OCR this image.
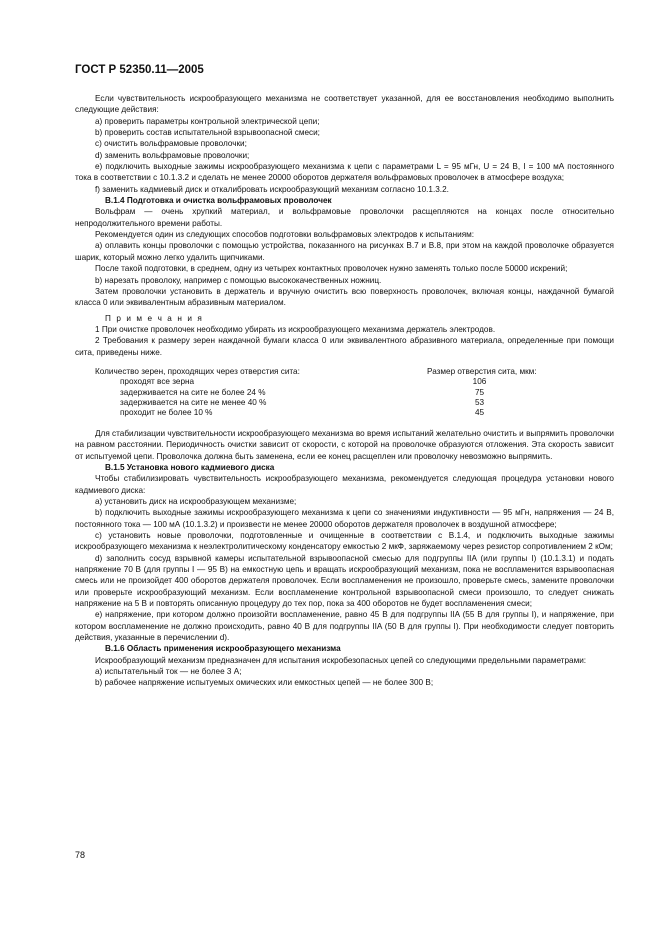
ГОСТ Р 52350.11—2005

Если чувствительность искрообразующего механизма не соответствует указанной, для ее восстановления необходимо выполнить следующие действия:

а) проверить параметры контрольной электрической цепи;

b) проверить состав испытательной взрывоопасной смеси;

с) очистить вольфрамовые проволочки;

d) заменить вольфрамовые проволочки;

e) подключить выходные зажимы искрообразующего механизма к цепи с параметрами L = 95 мГн, U = 24 В, I = 100 мА постоянного тока в соответствии с 10.1.3.2 и сделать не менее 20000 оборотов держателя вольфрамовых проволочек в атмосфере воздуха;

f) заменить кадмиевый диск и откалибровать искрообразующий механизм согласно 10.1.3.2.

В.1.4 Подготовка и очистка вольфрамовых проволочек

Вольфрам — очень хрупкий материал, и вольфрамовые проволочки расщепляются на концах после относительно непродолжительного времени работы.

Рекомендуется один из следующих способов подготовки вольфрамовых электродов к испытаниям:

а) оплавить концы проволочки с помощью устройства, показанного на рисунках В.7 и В.8, при этом на каждой проволочке образуется шарик, который можно легко удалить щипчиками.

После такой подготовки, в среднем, одну из четырех контактных проволочек нужно заменять только после 50000 искрений;

b) нарезать проволоку, например с помощью высококачественных ножниц.

Затем проволочки установить в держатель и вручную очистить всю поверхность проволочек, включая концы, наждачной бумагой класса 0 или эквивалентным абразивным материалом.

П р и м е ч а н и я

1 При очистке проволочек необходимо убирать из искрообразующего механизма держатель электродов.

2 Требования к размеру зерен наждачной бумаги класса 0 или эквивалентного абразивного материала, определенные при помощи сита, приведены ниже.

Количество зерен, проходящих через отверстия сита:	Размер отверстия сита, мкм:
проходят все зерна	106
задерживается на сите не более 24 %	75
задерживается на сите не менее 40 %	53
проходит не более 10 %	45

Для стабилизации чувствительности искрообразующего механизма во время испытаний желательно очистить и выпрямить проволочки на равном расстоянии. Периодичность очистки зависит от скорости, с которой на проволочке образуются отложения. Эта скорость зависит от испытуемой цепи. Проволочка должна быть заменена, если ее конец расщеплен или проволочку невозможно выпрямить.

В.1.5 Установка нового кадмиевого диска

Чтобы стабилизировать чувствительность искрообразующего механизма, рекомендуется следующая процедура установки нового кадмиевого диска:

а) установить диск на искрообразующем механизме;

b) подключить выходные зажимы искрообразующего механизма к цепи со значениями индуктивности — 95 мГн, напряжения — 24 В, постоянного тока — 100 мА (10.1.3.2) и произвести не менее 20000 оборотов держателя проволочек в воздушной атмосфере;

c) установить новые проволочки, подготовленные и очищенные в соответствии с В.1.4, и подключить выходные зажимы искрообразующего механизма к неэлектролитическому конденсатору емкостью 2 мкФ, заряжаемому через резистор сопротивлением 2 кОм;

d) заполнить сосуд взрывной камеры испытательной взрывоопасной смесью для подгруппы IIA (или группы I) (10.1.3.1) и подать напряжение 70 В (для группы I — 95 В) на емкостную цепь и вращать искрообразующий механизм, пока не воспламенится взрывоопасная смесь или не произойдет 400 оборотов держателя проволочек. Если воспламенения не произошло, проверьте смесь, замените проволочки или проверьте искрообразующий механизм. Если воспламенение контрольной взрывоопасной смеси произошло, то следует снижать напряжение на 5 В и повторять описанную процедуру до тех пор, пока за 400 оборотов не будет воспламенения смеси;

e) напряжение, при котором должно произойти воспламенение, равно 45 В для подгруппы IIA (55 В для группы I), и напряжение, при котором воспламенение не должно происходить, равно 40 В для подгруппы IIA (50 В для группы I). При необходимости следует повторить действия, указанные в перечислении d).

В.1.6 Область применения искрообразующего механизма

Искрообразующий механизм предназначен для испытания искробезопасных цепей со следующими предельными параметрами:

а) испытательный ток — не более 3 А;

b) рабочее напряжение испытуемых омических или емкостных цепей — не более 300 В;

78
